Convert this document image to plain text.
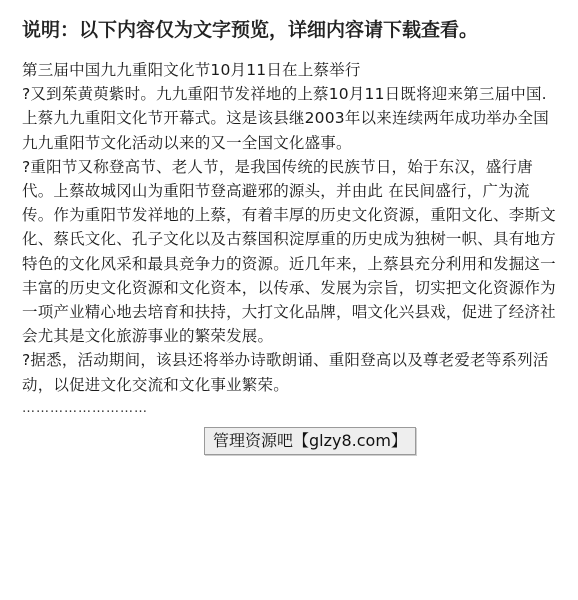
说明：以下内容仅为文字预览，详细内容请下载查看。

第三届中国九九重阳文化节10月11日在上蔡举行

?又到茱黄萸紫时。九九重阳节发祥地的上蔡10月11日既将迎来第三届中国.上蔡九九重阳文化节开幕式。这是该县继2003年以来连续两年成功举办全国九九重阳节文化活动以来的又一全国文化盛事。

?重阳节又称登高节、老人节，是我国传统的民族节日，始于东汉，盛行唐代。上蔡故城冈山为重阳节登高避邪的源头，并由此 在民间盛行，广为流传。作为重阳节发祥地的上蔡，有着丰厚的历史文化资源，重阳文化、李斯文化、蔡氏文化、孔子文化以及古蔡国积淀厚重的历史成为独树一帜、具有地方特色的文化风采和最具竞争力的资源。近几年来，上蔡县充分利用和发掘这一丰富的历史文化资源和文化资本，以传承、发展为宗旨，切实把文化资源作为一项产业精心地去培育和扶持，大打文化品牌，唱文化兴县戏，促进了经济社会尤其是文化旅游事业的繁荣发展。

?据悉，活动期间，该县还将举办诗歌朗诵、重阳登高以及尊老爱老等系列活动，以促进文化交流和文化事业繁荣。

………………………

管理资源吧【glzy8.com】
